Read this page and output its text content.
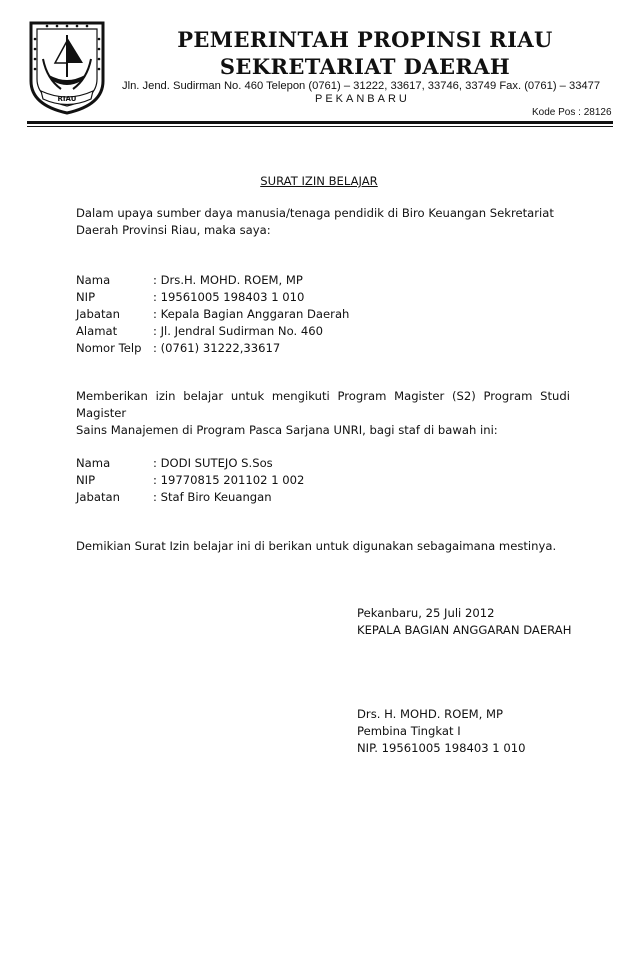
RIAU
PEMERINTAH PROPINSI RIAU
SEKRETARIAT DAERAH
Jln. Jend. Sudirman No. 460 Telepon (0761) – 31222, 33617, 33746, 33749 Fax. (0761) – 33477
PEKANBARU
Kode Pos : 28126
SURAT IZIN BELAJAR
Dalam upaya sumber daya manusia/tenaga pendidik di Biro Keuangan Sekretariat
Daerah Provinsi Riau, maka saya:
Nama	: Drs.H. MOHD. ROEM, MP
NIP	: 19561005 198403 1 010
Jabatan	: Kepala Bagian Anggaran Daerah
Alamat	: Jl. Jendral Sudirman No. 460
Nomor Telp : (0761) 31222,33617
Memberikan izin belajar untuk mengikuti Program Magister (S2) Program Studi Magister
Sains Manajemen di Program Pasca Sarjana UNRI, bagi staf di bawah ini:
Nama	: DODI SUTEJO S.Sos
NIP	: 19770815 201102 1 002
Jabatan	: Staf Biro Keuangan
Demikian Surat Izin belajar ini di berikan untuk digunakan sebagaimana mestinya.
Pekanbaru, 25 Juli 2012
KEPALA BAGIAN ANGGARAN DAERAH
Drs. H. MOHD. ROEM, MP
Pembina Tingkat I
NIP. 19561005 198403 1 010
